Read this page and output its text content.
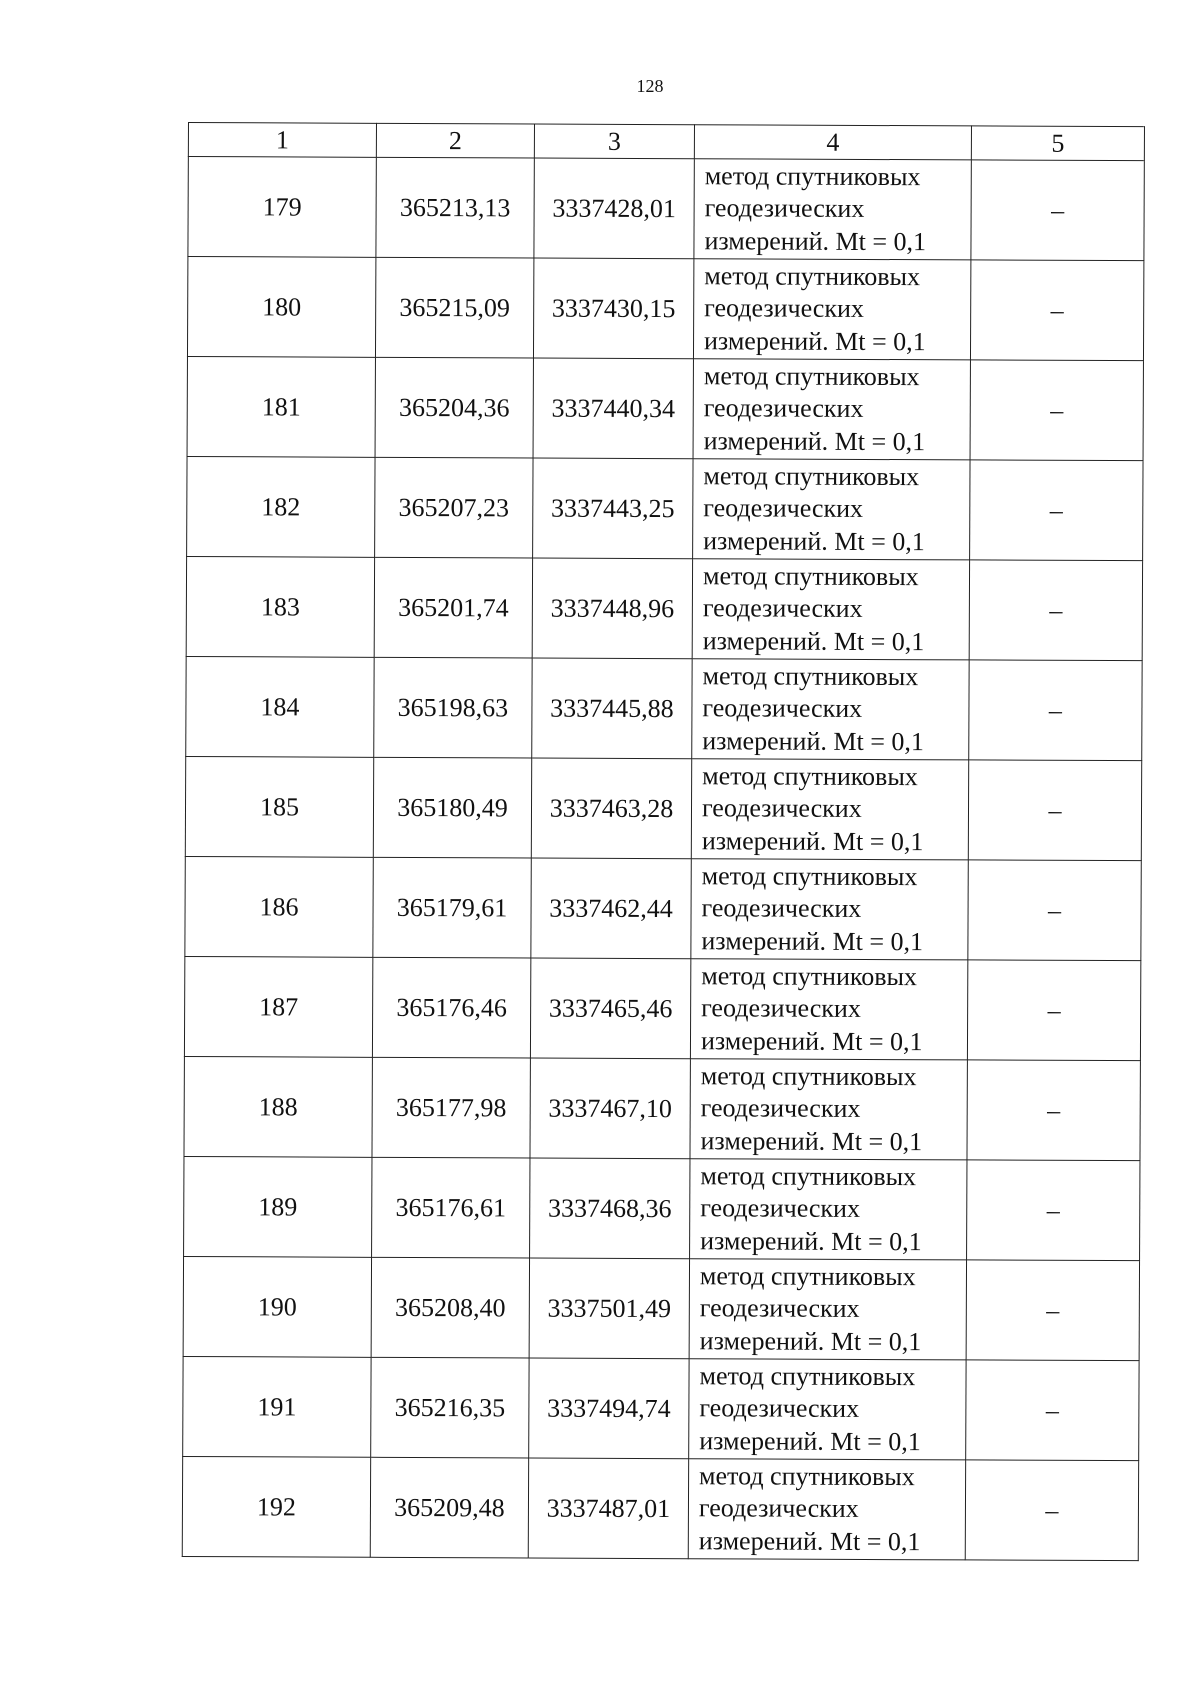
128
1	2	3	4	5
179	365213,13	3337428,01	метод спутниковых
геодезических
измерений. Mt = 0,1	–
180	365215,09	3337430,15	метод спутниковых
геодезических
измерений. Mt = 0,1	–
181	365204,36	3337440,34	метод спутниковых
геодезических
измерений. Mt = 0,1	–
182	365207,23	3337443,25	метод спутниковых
геодезических
измерений. Mt = 0,1	–
183	365201,74	3337448,96	метод спутниковых
геодезических
измерений. Mt = 0,1	–
184	365198,63	3337445,88	метод спутниковых
геодезических
измерений. Mt = 0,1	–
185	365180,49	3337463,28	метод спутниковых
геодезических
измерений. Mt = 0,1	–
186	365179,61	3337462,44	метод спутниковых
геодезических
измерений. Mt = 0,1	–
187	365176,46	3337465,46	метод спутниковых
геодезических
измерений. Mt = 0,1	–
188	365177,98	3337467,10	метод спутниковых
геодезических
измерений. Mt = 0,1	–
189	365176,61	3337468,36	метод спутниковых
геодезических
измерений. Mt = 0,1	–
190	365208,40	3337501,49	метод спутниковых
геодезических
измерений. Mt = 0,1	–
191	365216,35	3337494,74	метод спутниковых
геодезических
измерений. Mt = 0,1	–
192	365209,48	3337487,01	метод спутниковых
геодезических
измерений. Mt = 0,1	–
